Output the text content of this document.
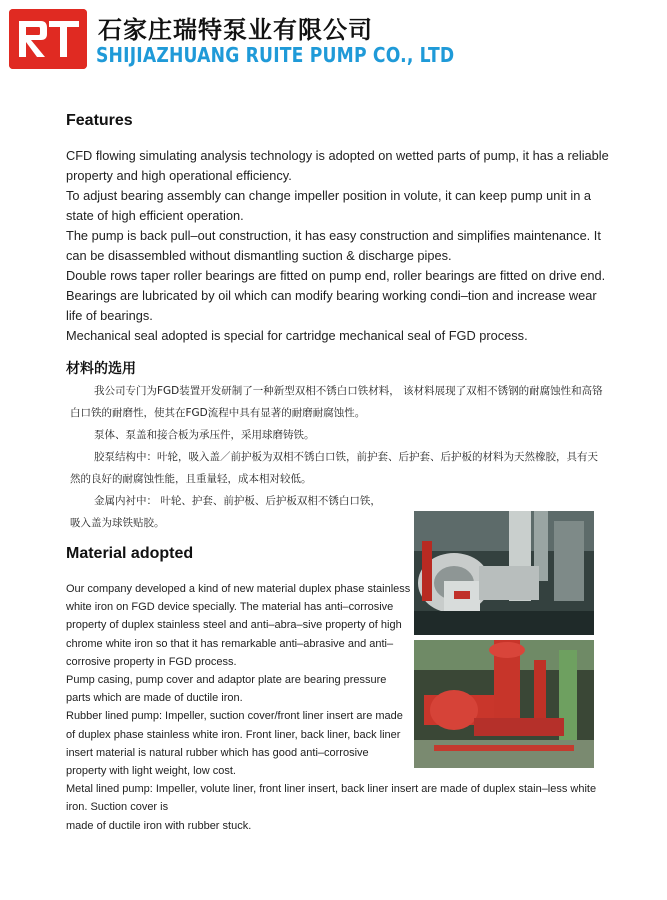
石家庄瑞特泵业有限公司
SHIJIAZHUANG RUITE PUMP CO., LTD
Features

CFD flowing simulating analysis technology is adopted on wetted parts of pump, it has a reliable property and high operational efficiency.

To adjust bearing assembly can change impeller position in volute, it can keep pump unit in a state of high efficient operation.

The pump is back pull–out construction, it has easy construction and simplifies maintenance. It can be disassembled without dismantling suction & discharge pipes.

Double rows taper roller bearings are fitted on pump end, roller bearings are fitted on drive end. Bearings are lubricated by oil which can modify bearing working condi–tion and increase wear life of bearings.

Mechanical seal adopted is special for cartridge mechanical seal of FGD process.

材料的选用

我公司专门为FGD装置开发研制了一种新型双相不锈白口铁材料， 该材料展现了双相不锈钢的耐腐蚀性和高铬白口铁的耐磨性，使其在FGD流程中具有显著的耐磨耐腐蚀性。

泵体、泵盖和接合板为承压件，采用球磨铸铁。

胶泵结构中：叶轮，吸入盖／前护板为双相不锈白口铁，前护套、后护套、后护板的材料为天然橡胶，具有天然的良好的耐腐蚀性能，且重量轻，成本相对较低。

金属内衬中： 叶轮、护套、前护板、后护板双相不锈白口铁，

吸入盖为球铁贴胶。

Material adopted

Our company developed a kind of new material duplex phase stainless white iron on FGD device specially. The material has anti–corrosive property of duplex stainless steel and anti–abra–sive property of high chrome white iron so that it has remarkable anti–abrasive and anti–corrosive property in FGD process.

Pump casing, pump cover and adaptor plate are bearing pressure parts which are made of ductile iron.

Rubber lined pump: Impeller, suction cover/front liner insert are made of duplex phase stainless white iron. Front liner, back liner, back liner insert material is natural rubber which has good anti–corrosive property with light weight, low cost.

Metal lined pump: Impeller, volute liner, front liner insert, back liner insert are made of duplex stain–less white iron. Suction cover is

made of ductile iron with rubber stuck.
